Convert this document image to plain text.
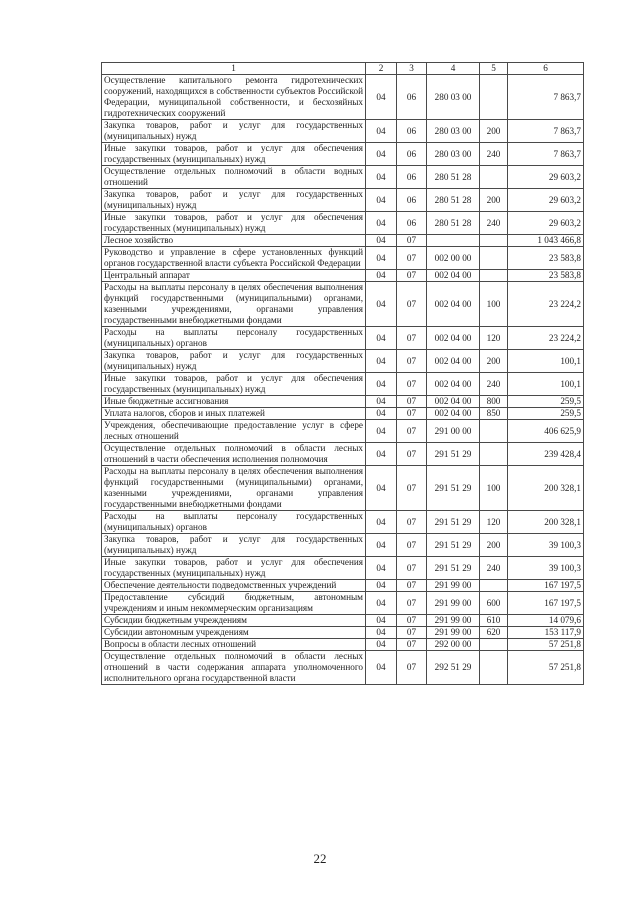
1	2	3	4	5	6
Осуществление капитального ремонта гидротехнических сооружений, находящихся в собственности субъектов Российской Федерации, муниципальной собственности, и бесхозяйных гидротехнических сооружений	04	06	280 03 00		7 863,7
Закупка товаров, работ и услуг для государственных (муниципальных) нужд	04	06	280 03 00	200	7 863,7
Иные закупки товаров, работ и услуг для обеспечения государственных (муниципальных) нужд	04	06	280 03 00	240	7 863,7
Осуществление отдельных полномочий в области водных отношений	04	06	280 51 28		29 603,2
Закупка товаров, работ и услуг для государственных (муниципальных) нужд	04	06	280 51 28	200	29 603,2
Иные закупки товаров, работ и услуг для обеспечения государственных (муниципальных) нужд	04	06	280 51 28	240	29 603,2
Лесное хозяйство	04	07			1 043 466,8
Руководство и управление в сфере установленных функций органов государственной власти субъекта Российской Федерации	04	07	002 00 00		23 583,8
Центральный аппарат	04	07	002 04 00		23 583,8
Расходы на выплаты персоналу в целях обеспечения выполнения функций государственными (муниципальными) органами, казенными учреждениями, органами управления государственными внебюджетными фондами	04	07	002 04 00	100	23 224,2
Расходы на выплаты персоналу государственных (муниципальных) органов	04	07	002 04 00	120	23 224,2
Закупка товаров, работ и услуг для государственных (муниципальных) нужд	04	07	002 04 00	200	100,1
Иные закупки товаров, работ и услуг для обеспечения государственных (муниципальных) нужд	04	07	002 04 00	240	100,1
Иные бюджетные ассигнования	04	07	002 04 00	800	259,5
Уплата налогов, сборов и иных платежей	04	07	002 04 00	850	259,5
Учреждения, обеспечивающие предоставление услуг в сфере лесных отношений	04	07	291 00 00		406 625,9
Осуществление отдельных полномочий в области лесных отношений в части обеспечения исполнения полномочия	04	07	291 51 29		239 428,4
Расходы на выплаты персоналу в целях обеспечения выполнения функций государственными (муниципальными) органами, казенными учреждениями, органами управления государственными внебюджетными фондами	04	07	291 51 29	100	200 328,1
Расходы на выплаты персоналу государственных (муниципальных) органов	04	07	291 51 29	120	200 328,1
Закупка товаров, работ и услуг для государственных (муниципальных) нужд	04	07	291 51 29	200	39 100,3
Иные закупки товаров, работ и услуг для обеспечения государственных (муниципальных) нужд	04	07	291 51 29	240	39 100,3
Обеспечение деятельности подведомственных учреждений	04	07	291 99 00		167 197,5
Предоставление субсидий бюджетным, автономным учреждениям и иным некоммерческим организациям	04	07	291 99 00	600	167 197,5
Субсидии бюджетным учреждениям	04	07	291 99 00	610	14 079,6
Субсидии автономным учреждениям	04	07	291 99 00	620	153 117,9
Вопросы в области лесных отношений	04	07	292 00 00		57 251,8
Осуществление отдельных полномочий в области лесных отношений в части содержания аппарата уполномоченного исполнительного органа государственной власти	04	07	292 51 29		57 251,8
22
